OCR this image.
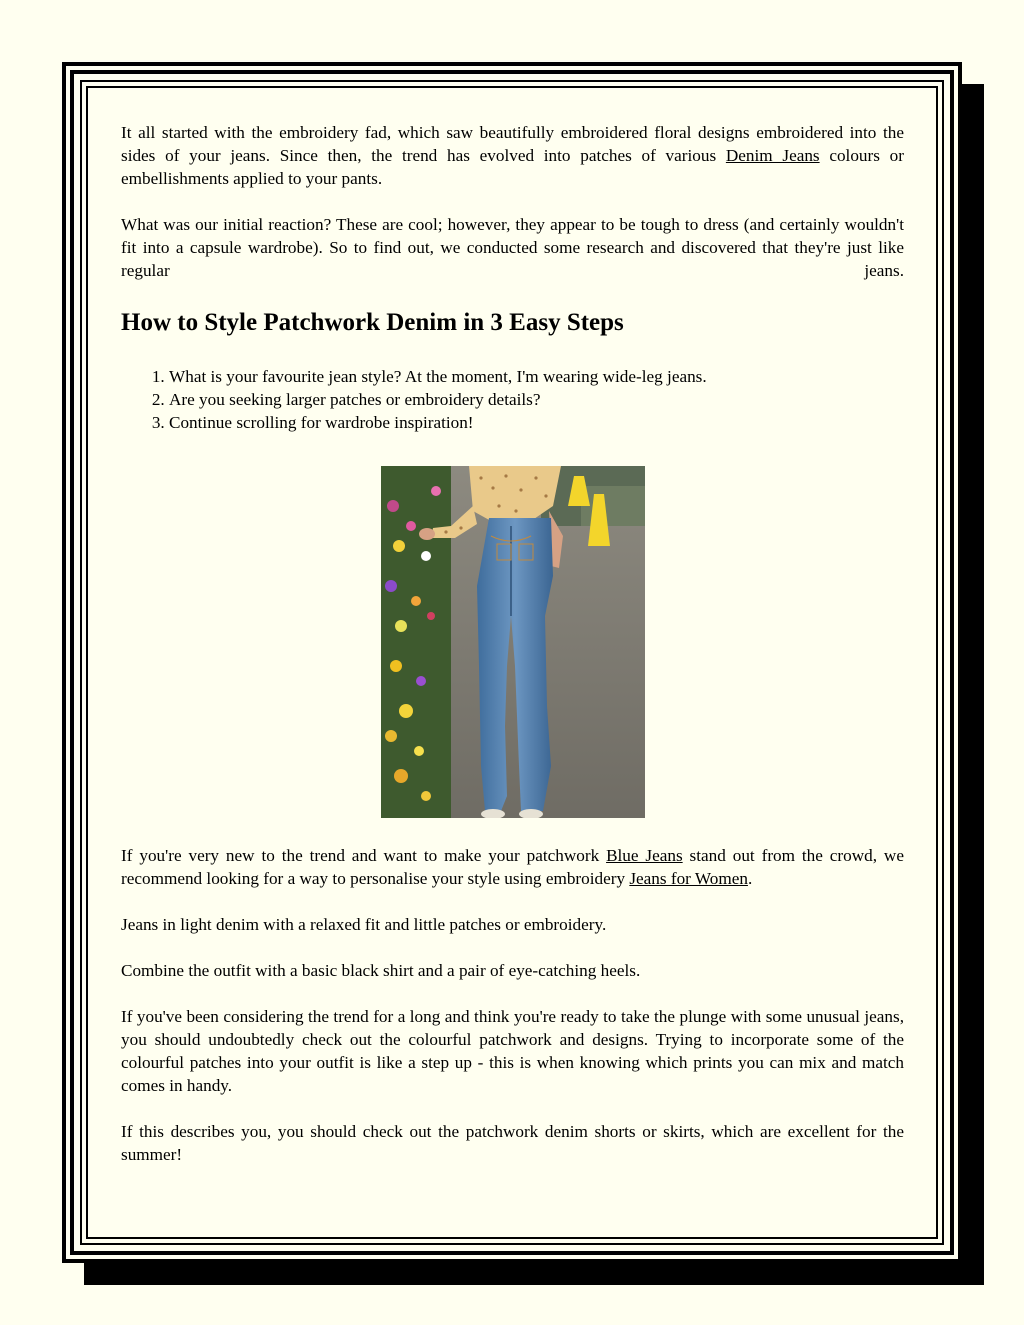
It all started with the embroidery fad, which saw beautifully embroidered floral designs embroidered into the sides of your jeans. Since then, the trend has evolved into patches of various Denim Jeans colours or embellishments applied to your pants.

What was our initial reaction? These are cool; however, they appear to be tough to dress (and certainly wouldn't fit into a capsule wardrobe). So to find out, we conducted some research and discovered that they're just like regular jeans.

How to Style Patchwork Denim in 3 Easy Steps
1. What is your favourite jean style? At the moment, I'm wearing wide-leg jeans.
2. Are you seeking larger patches or embroidery details?
3. Continue scrolling for wardrobe inspiration!

If you're very new to the trend and want to make your patchwork Blue Jeans stand out from the crowd, we recommend looking for a way to personalise your style using embroidery Jeans for Women.

Jeans in light denim with a relaxed fit and little patches or embroidery.

Combine the outfit with a basic black shirt and a pair of eye-catching heels.

If you've been considering the trend for a long and think you're ready to take the plunge with some unusual jeans, you should undoubtedly check out the colourful patchwork and designs. Trying to incorporate some of the colourful patches into your outfit is like a step up - this is when knowing which prints you can mix and match comes in handy.

If this describes you, you should check out the patchwork denim shorts or skirts, which are excellent for the summer!
